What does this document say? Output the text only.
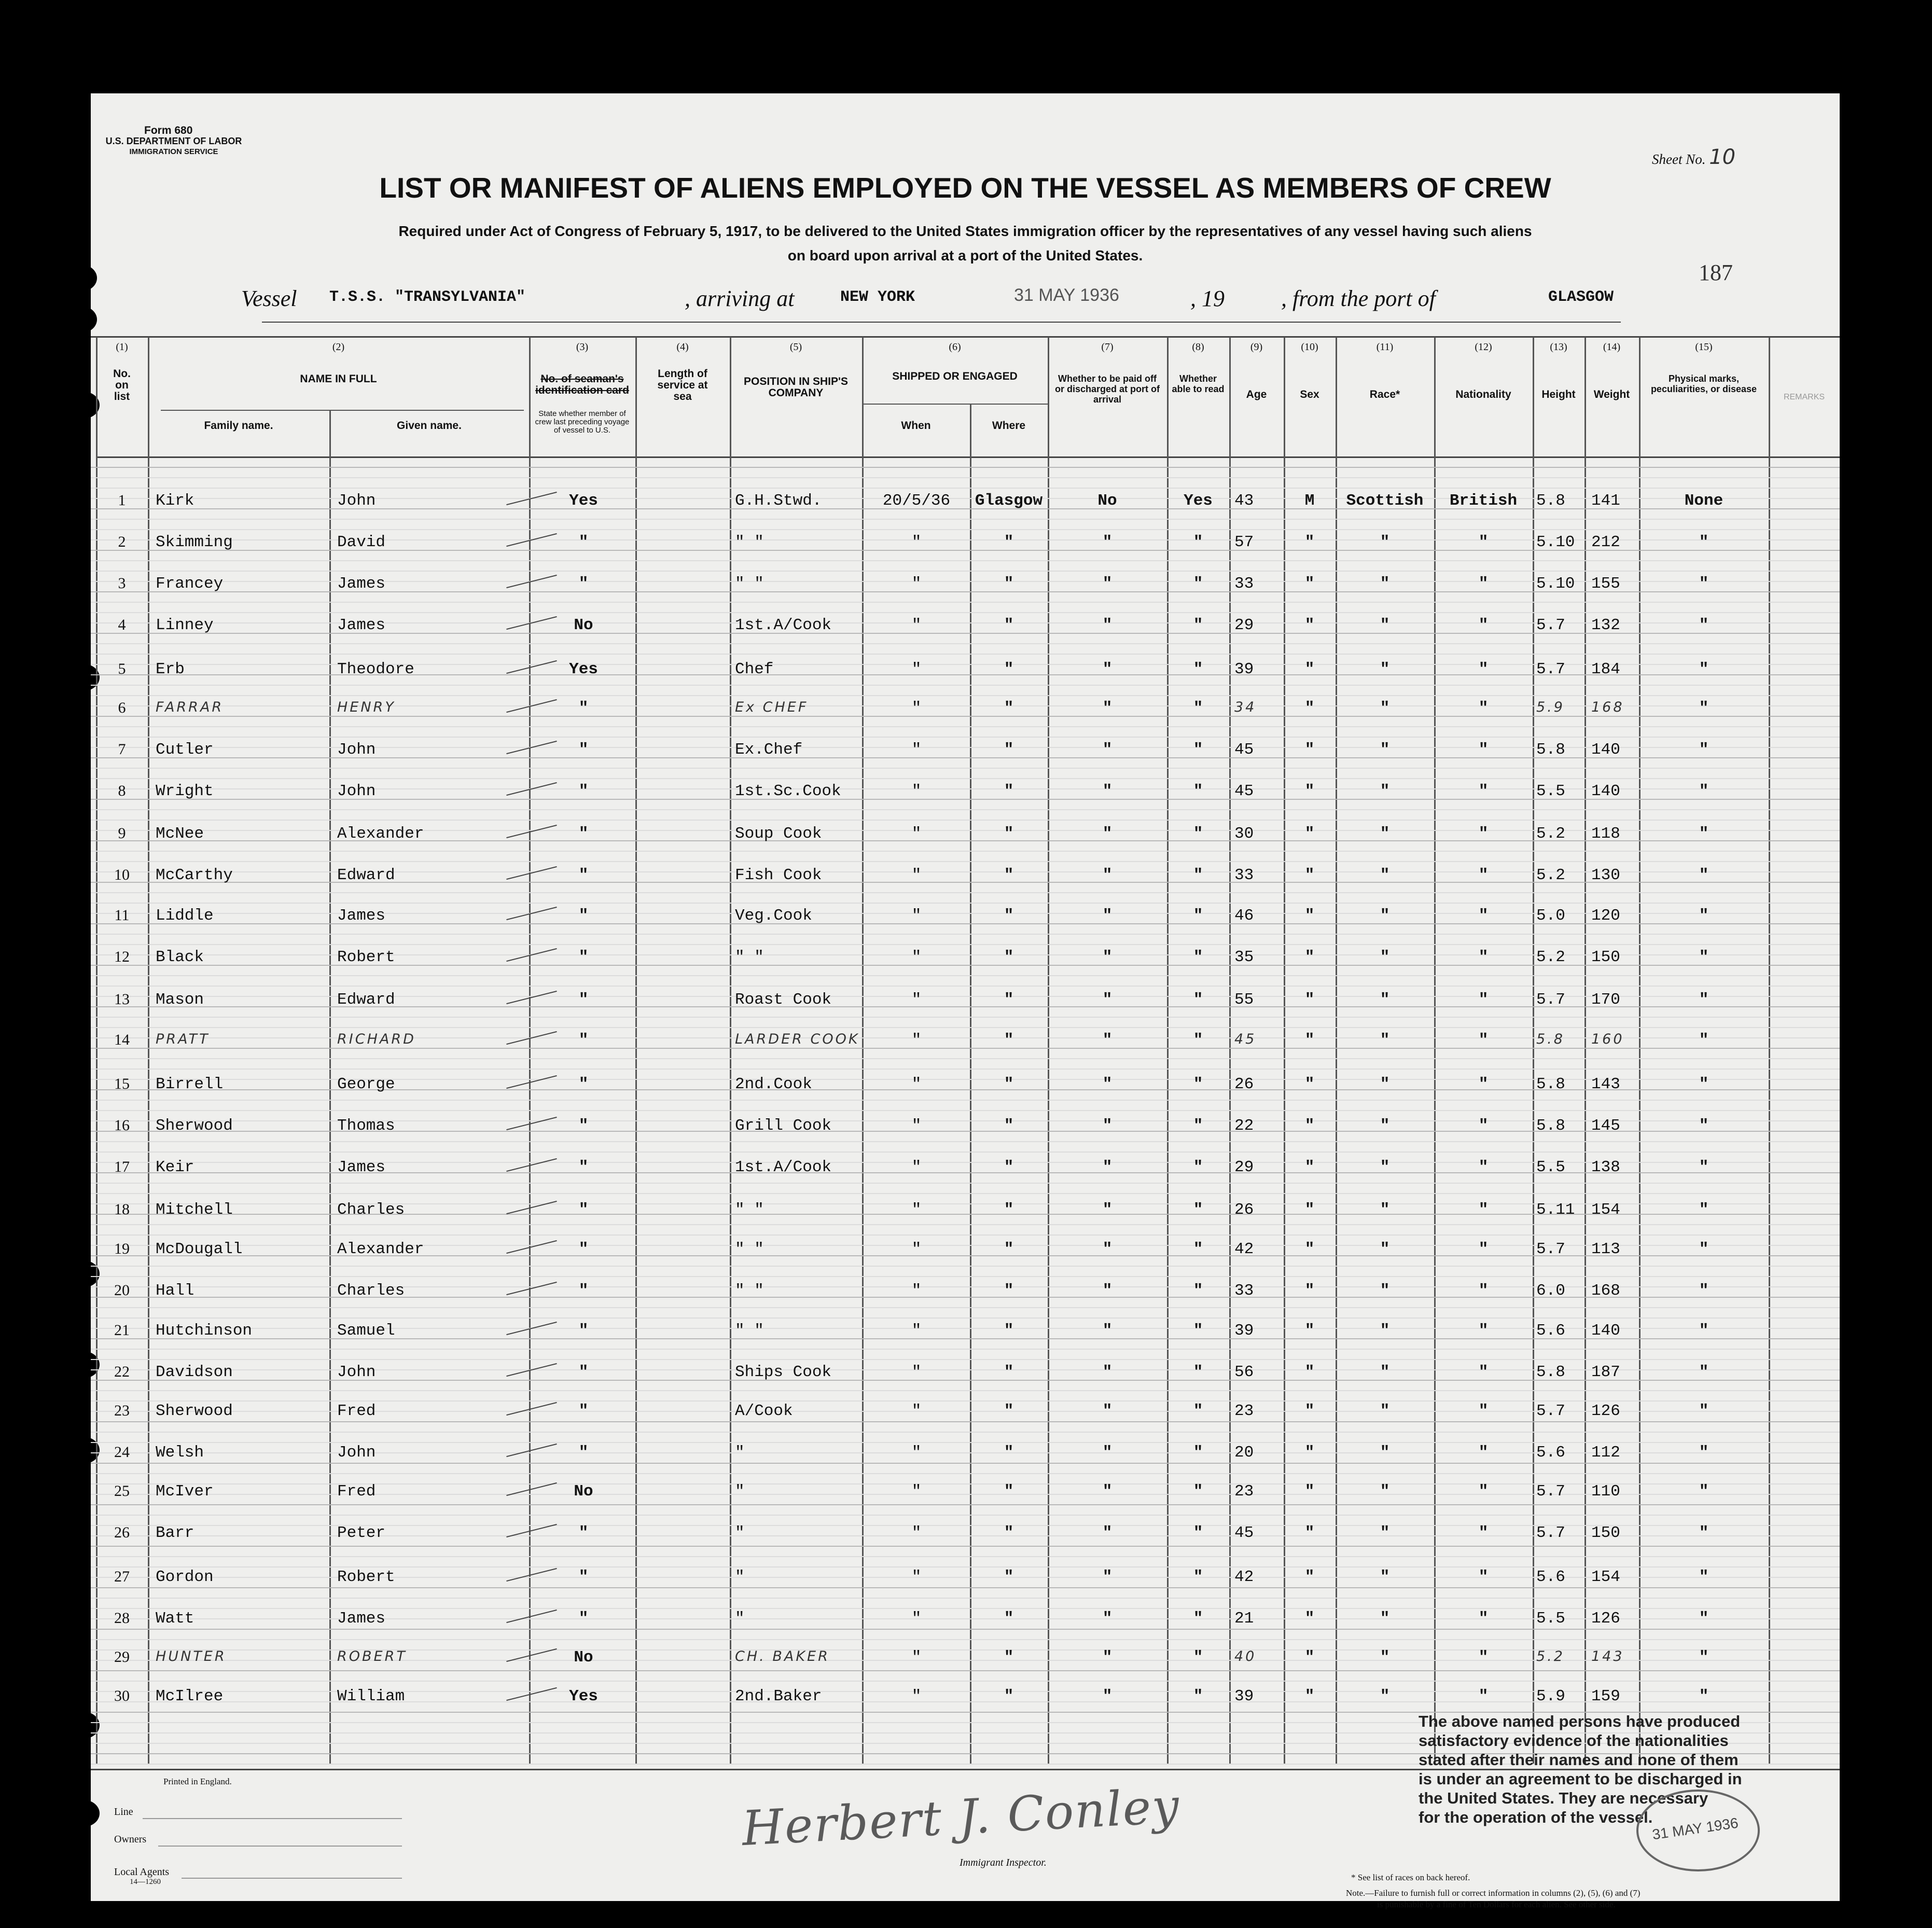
Form 680
U.S. DEPARTMENT OF LABOR
IMMIGRATION SERVICE	Sheet No. 10
LIST OR MANIFEST OF ALIENS EMPLOYED ON THE VESSEL AS MEMBERS OF CREW
Required under Act of Congress of February 5, 1917, to be delivered to the United States immigration officer by the representatives of any vessel having such aliens
on board upon arrival at a port of the United States.
187
Vessel T.S.S. "TRANSYLVANIA"	, arriving at	NEW YORK	31 MAY 1936	, 19 , from the port of	GLASGOW
(1)	(2)	(3)	(4)	(5)	(6)	(7)	(8)	(9)	(10)	(11)	(12)	(13)	(14)	(15)
No. on list
NAME IN FULL
Family name.	Given name.
No. of seaman's identification card
State whether member of crew last preceding voyage of vessel to U.S.
Length of service at sea
POSITION IN SHIP'S COMPANY
SHIPPED OR ENGAGED
When	Where
Whether to be paid off or discharged at port of arrival
Whether able to read	Age	Sex	Race*	Nationality	Height	Weight
Physical marks, peculiarities, or disease
REMARKS
1	Kirk	John	Yes	G.H.Stwd.	20/5/36	Glasgow	No	Yes	43	M	Scottish	British	5.8	141	None
2	Skimming	David	"	" "	"	"	"	"	57	"	"	"	5.10	212	"
3	Francey	James	"	" "	"	"	"	"	33	"	"	"	5.10	155	"
4	Linney	James	No	1st.A/Cook	"	"	"	"	29	"	"	"	5.7	132	"
5	Erb	Theodore	Yes	Chef	"	"	"	"	39	"	"	"	5.7	184	"
6	FARRAR	HENRY	"	Ex CHEF	"	"	"	"	34	"	"	"	5.9	168	"
7	Cutler	John	"	Ex.Chef	"	"	"	"	45	"	"	"	5.8	140	"
8	Wright	John	"	1st.Sc.Cook	"	"	"	"	45	"	"	"	5.5	140	"
9	McNee	Alexander	"	Soup Cook	"	"	"	"	30	"	"	"	5.2	118	"
10	McCarthy	Edward	"	Fish Cook	"	"	"	"	33	"	"	"	5.2	130	"
11	Liddle	James	"	Veg.Cook	"	"	"	"	46	"	"	"	5.0	120	"
12	Black	Robert	"	" "	"	"	"	"	35	"	"	"	5.2	150	"
13	Mason	Edward	"	Roast Cook	"	"	"	"	55	"	"	"	5.7	170	"
14	PRATT	RICHARD	"	LARDER COOK	"	"	"	"	45	"	"	"	5.8	160	"
15	Birrell	George	"	2nd.Cook	"	"	"	"	26	"	"	"	5.8	143	"
16	Sherwood	Thomas	"	Grill Cook	"	"	"	"	22	"	"	"	5.8	145	"
17	Keir	James	"	1st.A/Cook	"	"	"	"	29	"	"	"	5.5	138	"
18	Mitchell	Charles	"	" "	"	"	"	"	26	"	"	"	5.11	154	"
19	McDougall	Alexander	"	" "	"	"	"	"	42	"	"	"	5.7	113	"
20	Hall	Charles	"	" "	"	"	"	"	33	"	"	"	6.0	168	"
21	Hutchinson	Samuel	"	" "	"	"	"	"	39	"	"	"	5.6	140	"
22	Davidson	John	"	Ships Cook	"	"	"	"	56	"	"	"	5.8	187	"
23	Sherwood	Fred	"	A/Cook	"	"	"	"	23	"	"	"	5.7	126	"
24	Welsh	John	"	"	"	"	"	"	20	"	"	"	5.6	112	"
25	McIver	Fred	No	"	"	"	"	"	23	"	"	"	5.7	110	"
26	Barr	Peter	"	"	"	"	"	"	45	"	"	"	5.7	150	"
27	Gordon	Robert	"	"	"	"	"	"	42	"	"	"	5.6	154	"
28	Watt	James	"	"	"	"	"	"	21	"	"	"	5.5	126	"
29	HUNTER	ROBERT	No	CH. BAKER	"	"	"	"	40	"	"	"	5.2	143	"
30	McIlree	William	Yes	2nd.Baker	"	"	"	"	39	"	"	"	5.9	159	"
Printed in England.
Line
Owners
Local Agents
14—1260
Herbert J. Conley
Immigrant Inspector.
The above named persons have produced
satisfactory evidence of the nationalities
stated after their names and none of them
is under an agreement to be discharged in
the United States. They are necessary
for the operation of the vessel.
31 MAY 1936
* See list of races on back hereof.
Note.—Failure to furnish full or correct information in columns (2), (5), (6) and (7)
is punishable by a fine of Ten Dollars for each alien. See other side.
